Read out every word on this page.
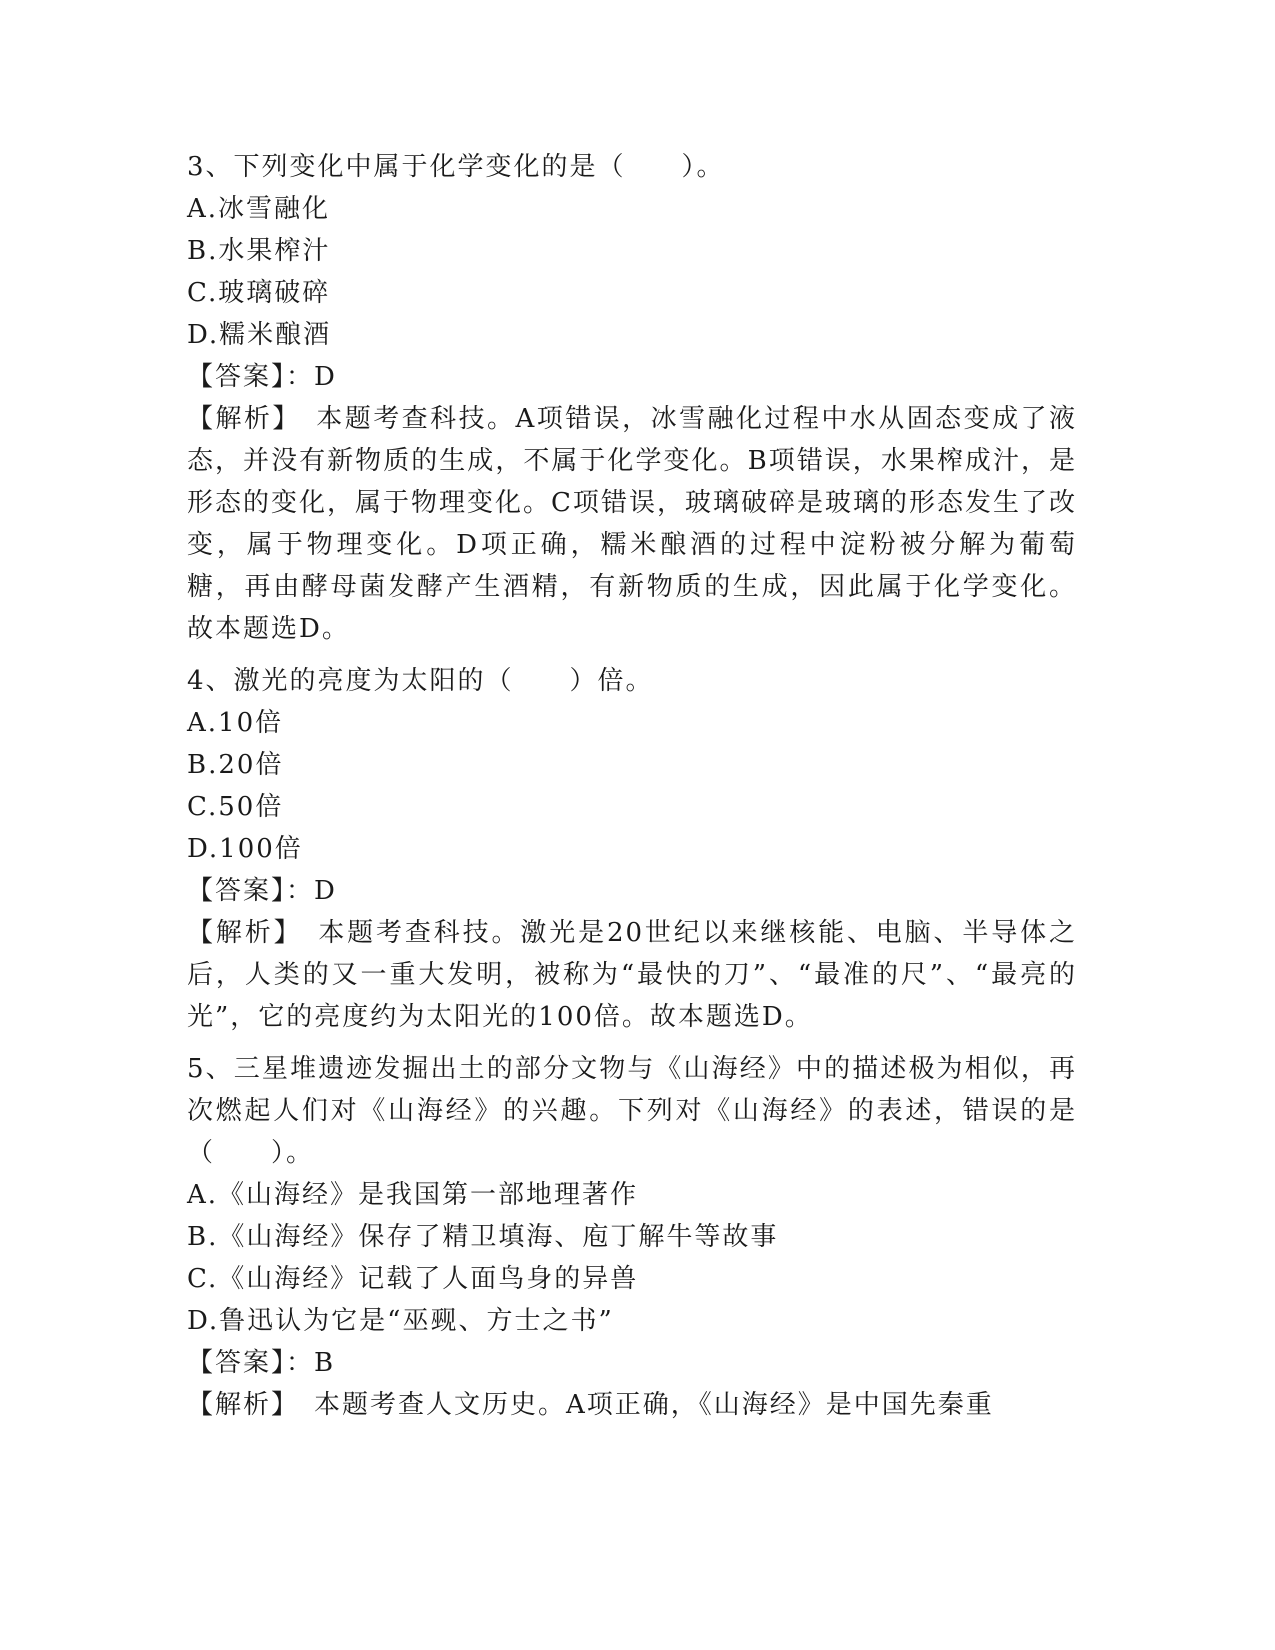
3、下列变化中属于化学变化的是（　　）。
A.冰雪融化
B.水果榨汁
C.玻璃破碎
D.糯米酿酒
【答案】：D
【解析】　本题考查科技。A项错误，冰雪融化过程中水从固态变成了液态，并没有新物质的生成，不属于化学变化。B项错误，水果榨成汁，是形态的变化，属于物理变化。C项错误，玻璃破碎是玻璃的形态发生了改变，属于物理变化。D项正确，糯米酿酒的过程中淀粉被分解为葡萄糖，再由酵母菌发酵产生酒精，有新物质的生成，因此属于化学变化。故本题选D。
4、激光的亮度为太阳的（　　）倍。
A.10倍
B.20倍
C.50倍
D.100倍
【答案】：D
【解析】　本题考查科技。激光是20世纪以来继核能、电脑、半导体之后，人类的又一重大发明，被称为“最快的刀”、“最准的尺”、“最亮的光”，它的亮度约为太阳光的100倍。故本题选D。
5、三星堆遗迹发掘出土的部分文物与《山海经》中的描述极为相似，再次燃起人们对《山海经》的兴趣。下列对《山海经》的表述，错误的是（　　）。
A.《山海经》是我国第一部地理著作
B.《山海经》保存了精卫填海、庖丁解牛等故事
C.《山海经》记载了人面鸟身的异兽
D.鲁迅认为它是“巫觋、方士之书”
【答案】：B
【解析】　本题考查人文历史。A项正确，《山海经》是中国先秦重
